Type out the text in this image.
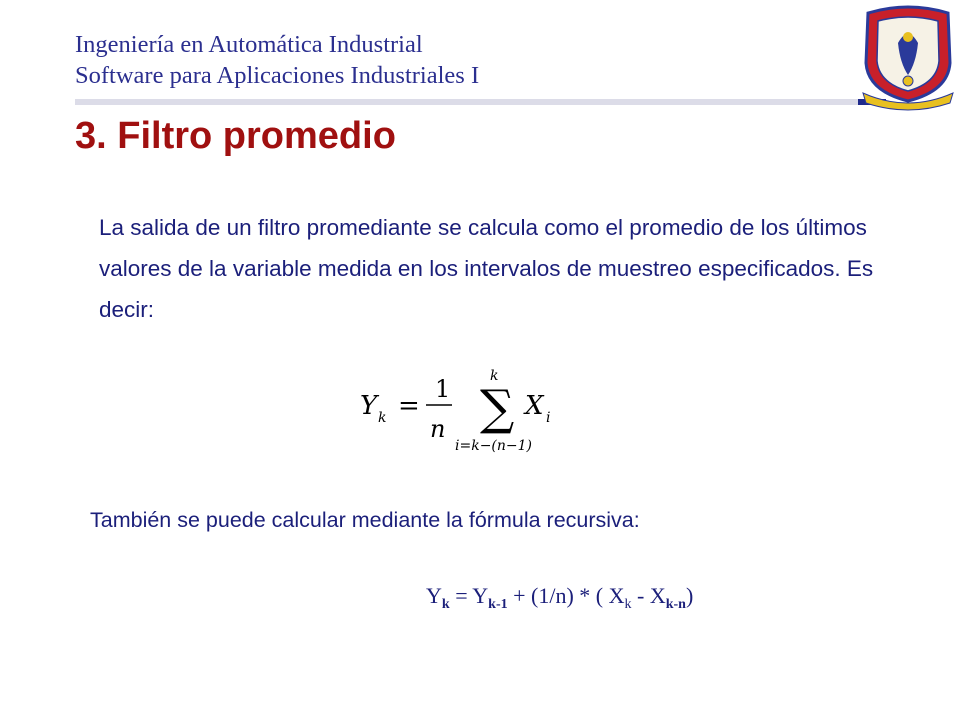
Ingeniería en Automática Industrial
Software para Aplicaciones Industriales I
3. Filtro promedio
La salida de un filtro promediante se calcula como el promedio de los últimos valores de la variable medida en los intervalos de muestreo especificados. Es decir:
Y k =
1
n
k
∑
i=k−(n−1)
X i
También se puede calcular mediante la fórmula recursiva:
$Y_k = Y_{k-1} + (1/n)$ * ( $X_k - X_{k-n}$)
